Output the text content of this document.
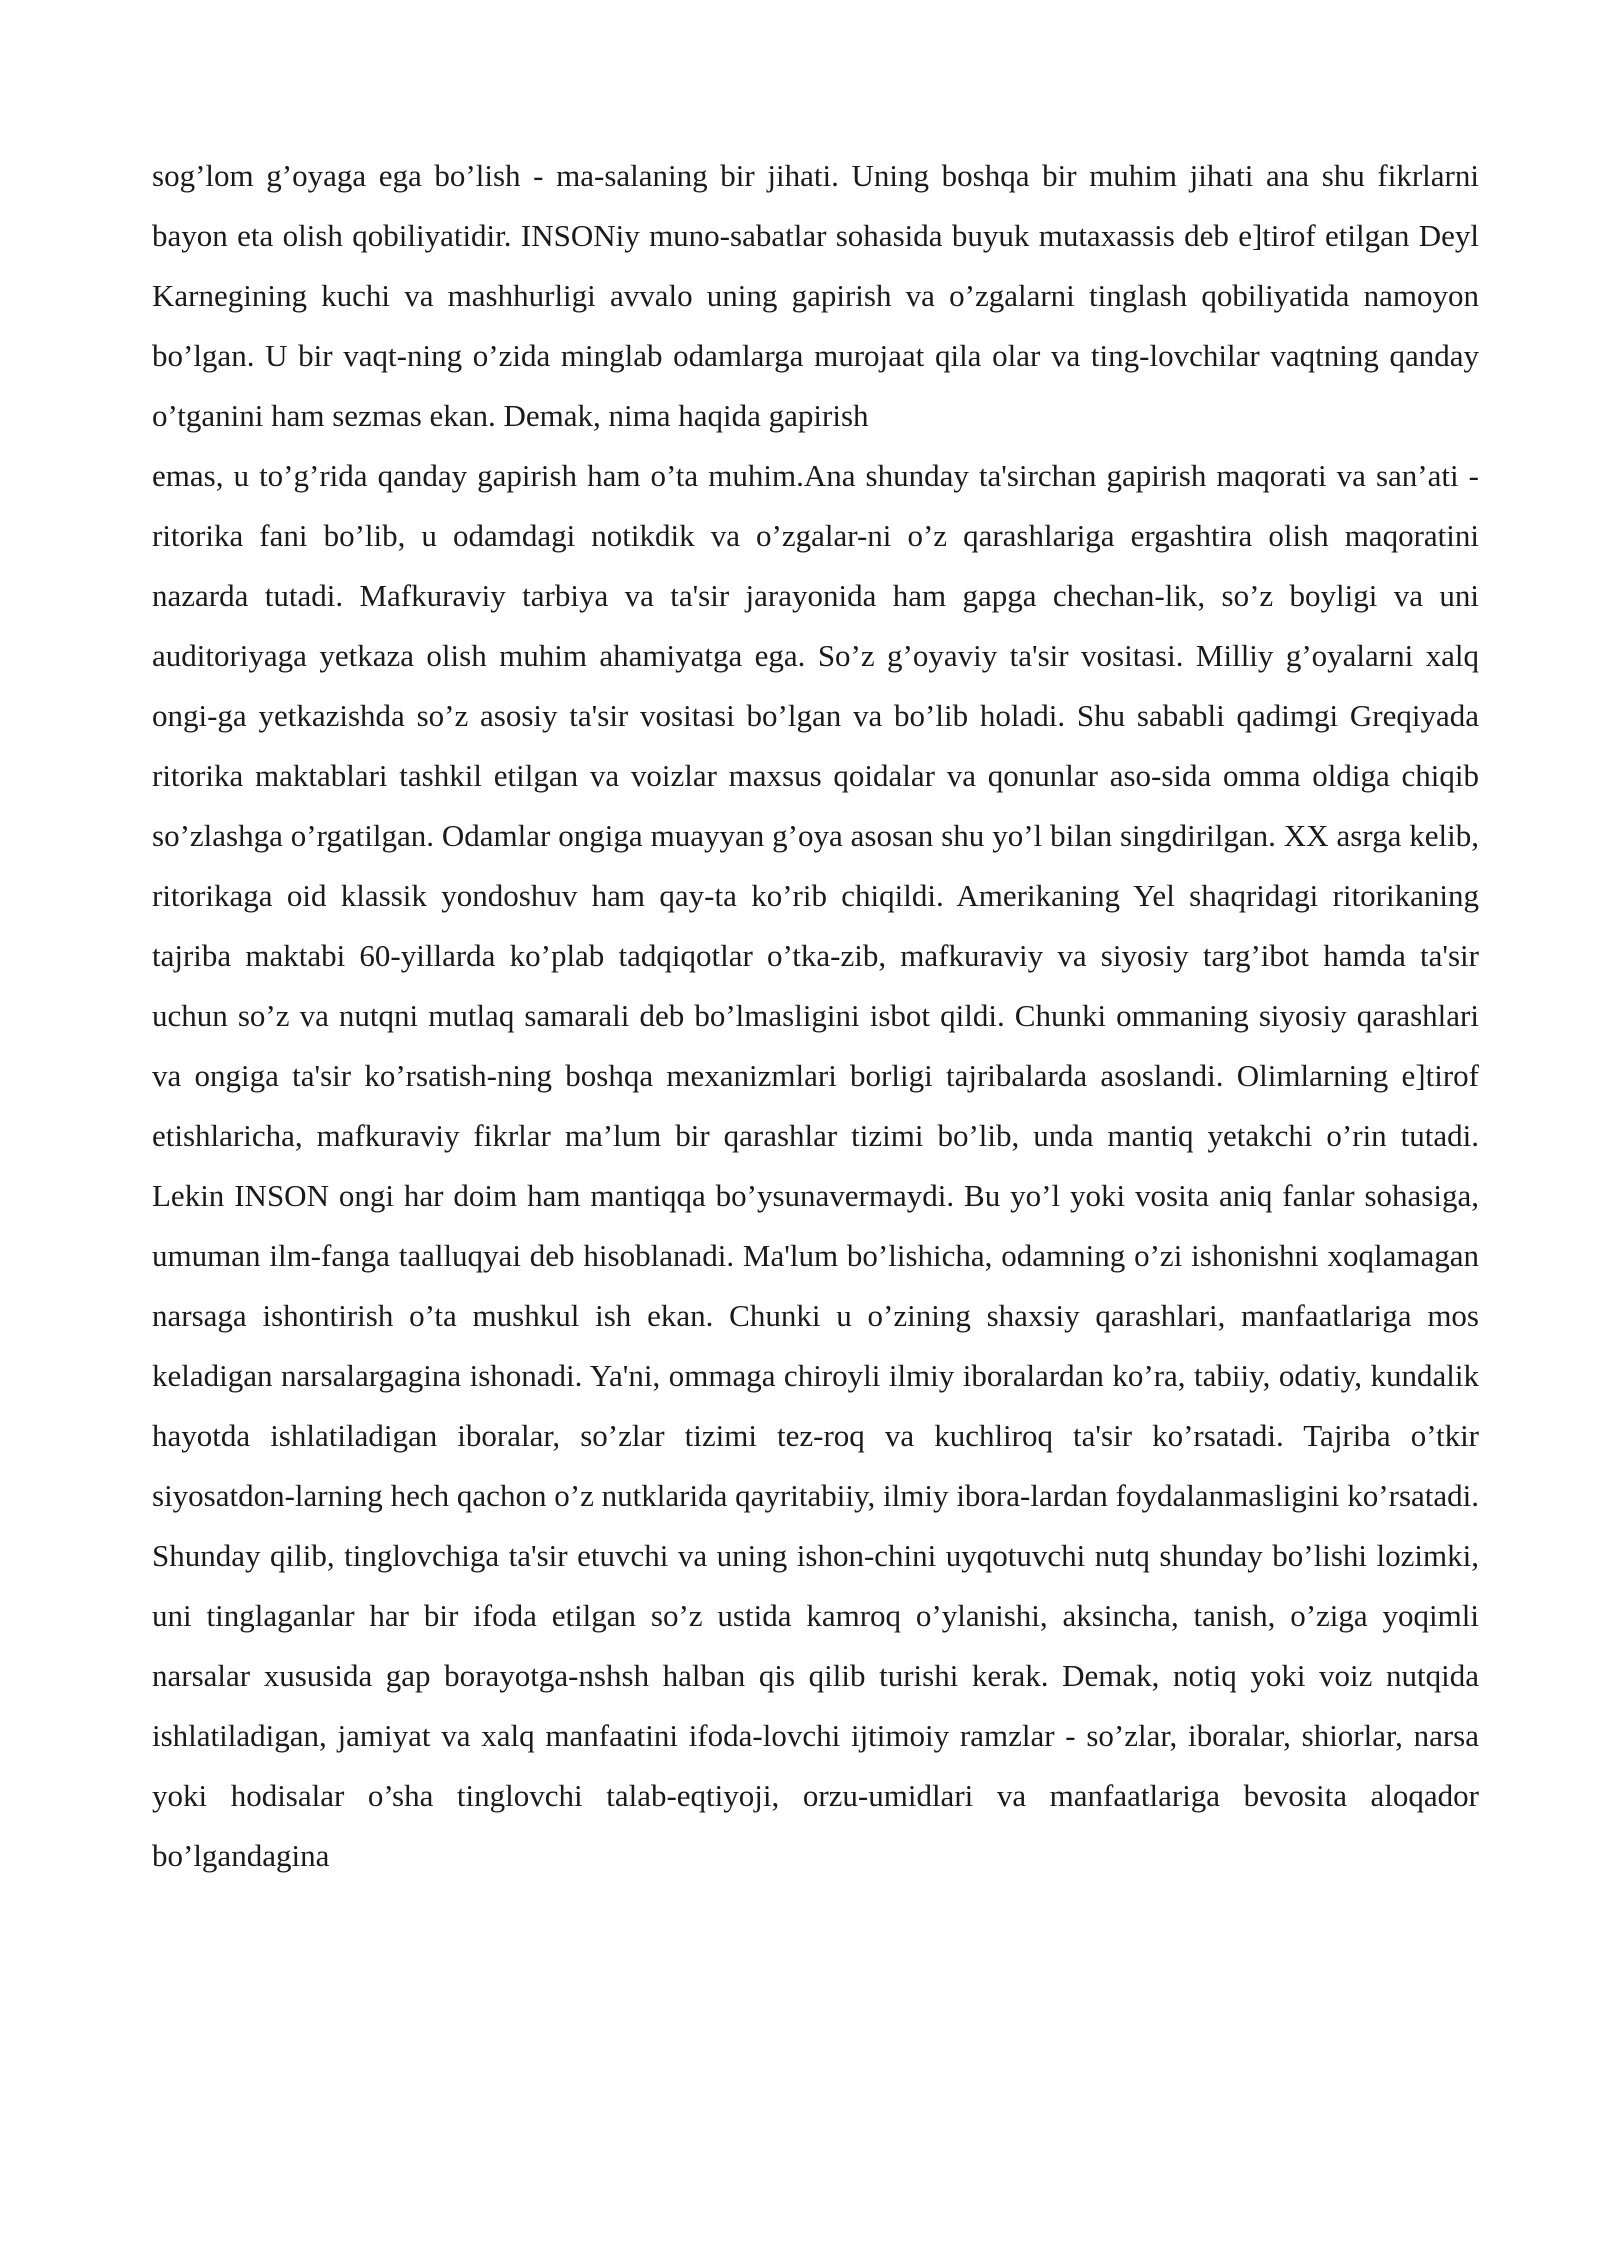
sog’lom g’oyaga ega bo’lish - ma-salaning bir jihati. Uning boshqa bir muhim jihati ana shu fikrlarni bayon eta olish qobiliyatidir. INSONiy muno-sabatlar sohasida buyuk mutaxassis deb e]tirof etilgan Deyl Karnegining kuchi va mashhurligi avvalo uning gapirish va o’zgalarni tinglash qobiliyatida namoyon bo’lgan. U bir vaqt-ning o’zida minglab odamlarga murojaat qila olar va ting-lovchilar vaqtning qanday o’tganini ham sezmas ekan. Demak, nima haqida gapirish

emas, u to’g’rida qanday gapirish ham o’ta muhim.Ana shunday ta'sirchan gapirish maqorati va san’ati - ritorika fani bo’lib, u odamdagi notikdik va o’zgalar-ni o’z qarashlariga ergashtira olish maqoratini nazarda tutadi. Mafkuraviy tarbiya va ta'sir jarayonida ham gapga chechan-lik, so’z boyligi va uni auditoriyaga yetkaza olish muhim ahamiyatga ega. So’z g’oyaviy ta'sir vositasi. Milliy g’oyalarni xalq ongi-ga yetkazishda so’z asosiy ta'sir vositasi bo’lgan va bo’lib holadi. Shu sababli qadimgi Greqiyada ritorika maktablari tashkil etilgan va voizlar maxsus qoidalar va qonunlar aso-sida omma oldiga chiqib so’zlashga o’rgatilgan. Odamlar ongiga muayyan g’oya asosan shu yo’l bilan singdirilgan. XX asrga kelib, ritorikaga oid klassik yondoshuv ham qay-ta ko’rib chiqildi. Amerikaning Yel shaqridagi ritorikaning tajriba maktabi 60-yillarda ko’plab tadqiqotlar o’tka-zib, mafkuraviy va siyosiy targ’ibot hamda ta'sir uchun so’z va nutqni mutlaq samarali deb bo’lmasligini isbot qildi. Chunki ommaning siyosiy qarashlari va ongiga ta'sir ko’rsatish-ning boshqa mexanizmlari borligi tajribalarda asoslandi. Olimlarning e]tirof etishlaricha, mafkuraviy fikrlar ma’lum bir qarashlar tizimi bo’lib, unda mantiq yetakchi o’rin tutadi. Lekin INSON ongi har doim ham mantiqqa bo’ysunavermaydi. Bu yo’l yoki vosita aniq fanlar sohasiga, umuman ilm-fanga taalluqyai deb hisoblanadi. Ma'lum bo’lishicha, odamning o’zi ishonishni xoqlamagan narsaga ishontirish o’ta mushkul ish ekan. Chunki u o’zining shaxsiy qarashlari, manfaatlariga mos keladigan narsalargagina ishonadi. Ya'ni, ommaga chiroyli ilmiy iboralardan ko’ra, tabiiy, odatiy, kundalik hayotda ishlatiladigan iboralar, so’zlar tizimi tez-roq va kuchliroq ta'sir ko’rsatadi. Tajriba o’tkir siyosatdon-larning hech qachon o’z nutklarida qayritabiiy, ilmiy ibora-lardan foydalanmasligini ko’rsatadi. Shunday qilib, tinglovchiga ta'sir etuvchi va uning ishon-chini uyqotuvchi nutq shunday bo’lishi lozimki, uni tinglaganlar har bir ifoda etilgan so’z ustida kamroq o’ylanishi, aksincha, tanish, o’ziga yoqimli narsalar xususida gap borayotga-nshsh halban qis qilib turishi kerak. Demak, notiq yoki voiz nutqida ishlatiladigan, jamiyat va xalq manfaatini ifoda-lovchi ijtimoiy ramzlar - so’zlar, iboralar, shiorlar, narsa yoki hodisalar o’sha tinglovchi talab-eqtiyoji, orzu-umidlari va manfaatlariga bevosita aloqador bo’lgandagina
